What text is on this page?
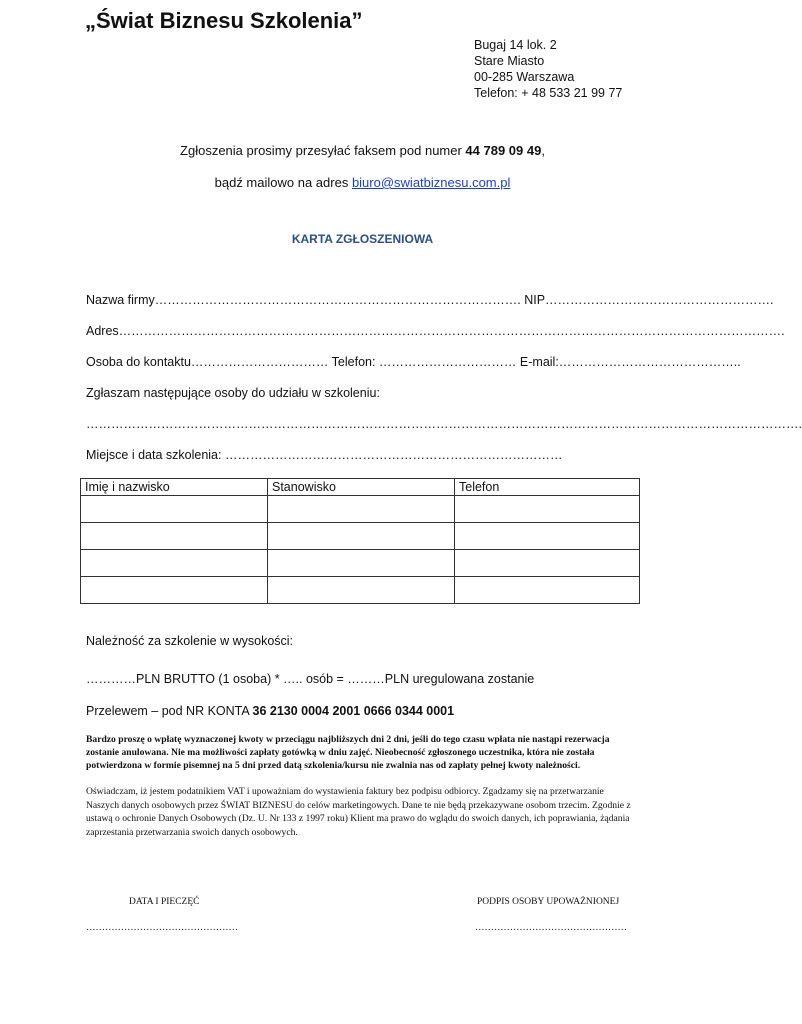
„Świat Biznesu Szkolenia”
Bugaj 14 lok. 2
Stare Miasto
00-285 Warszawa
Telefon: + 48 533 21 99 77
Zgłoszenia prosimy przesyłać faksem pod numer 44 789 09 49,
bądź mailowo na adres biuro@swiatbiznesu.com.pl
KARTA ZGŁOSZENIOWA
Nazwa firmy……………………………………………………………………………. NIP……………………………………………….
Adres…………………………………………………………………………………………………………………………………………….
Osoba do kontaktu…………………………… Telefon: …………………………… E-mail:……………………………………..
Zgłaszam następujące osoby do udziału w szkoleniu:
……………………………………………………………………………………………………………………………………………………….
Miejsce i data szkolenia: ………………………………………………………………………
Imię i nazwisko	Stanowisko	Telefon

Należność za szkolenie w wysokości:
…………PLN BRUTTO (1 osoba) * ….. osób = ………PLN uregulowana zostanie
Przelewem – pod NR KONTA 36 2130 0004 2001 0666 0344 0001
Bardzo proszę o wpłatę wyznaczonej kwoty w przeciągu najbliższych dni 2 dni, jeśli do tego czasu wpłata nie nastąpi rezerwacja zostanie anulowana. Nie ma możliwości zapłaty gotówką w dniu zajęć. Nieobecność zgłoszonego uczestnika, która nie została potwierdzona w formie pisemnej na 5 dni przed datą szkolenia/kursu nie zwalnia nas od zapłaty pełnej kwoty należności.
Oświadczam, iż jestem podatnikiem VAT i upoważniam do wystawienia faktury bez podpisu odbiorcy. Zgadzamy się na przetwarzanie Naszych danych osobowych przez ŚWIAT BIZNESU do celów marketingowych. Dane te nie będą przekazywane osobom trzecim. Zgodnie z ustawą o ochronie Danych Osobowych (Dz. U. Nr 133 z 1997 roku) Klient ma prawo do wglądu do swoich danych, ich poprawiania, żądania zaprzestania przetwarzania swoich danych osobowych.
DATA I PIECZĘĆ	PODPIS OSOBY UPOWAŻNIONEJ
…………………………………………	…………………………………………
